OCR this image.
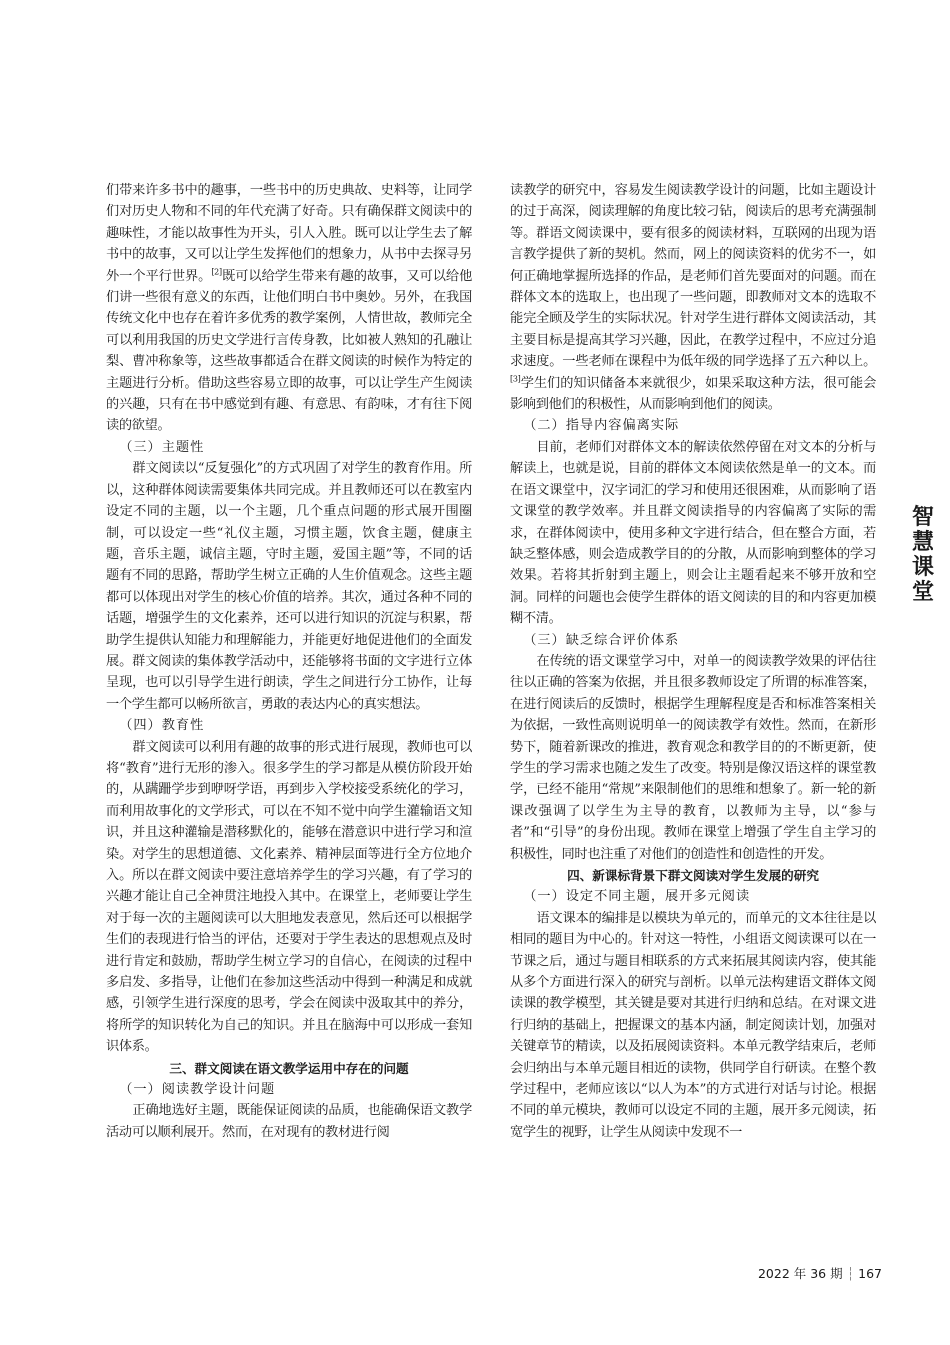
们带来许多书中的趣事，一些书中的历史典故、史料等，让同学们对历史人物和不同的年代充满了好奇。只有确保群文阅读中的趣味性，才能以故事性为开头，引人入胜。既可以让学生去了解书中的故事，又可以让学生发挥他们的想象力，从书中去探寻另外一个平行世界。[2]既可以给学生带来有趣的故事，又可以给他们讲一些很有意义的东西，让他们明白书中奥妙。另外，在我国传统文化中也存在着许多优秀的教学案例，人情世故，教师完全可以利用我国的历史文学进行言传身教，比如被人熟知的孔融让梨、曹冲称象等，这些故事都适合在群文阅读的时候作为特定的主题进行分析。借助这些容易立即的故事，可以让学生产生阅读的兴趣，只有在书中感觉到有趣、有意思、有韵味，才有往下阅读的欲望。

（三）主题性

群文阅读以“反复强化”的方式巩固了对学生的教育作用。所以，这种群体阅读需要集体共同完成。并且教师还可以在教室内设定不同的主题，以一个主题，几个重点问题的形式展开围圈制，可以设定一些“礼仪主题，习惯主题，饮食主题，健康主题，音乐主题，诚信主题，守时主题，爱国主题”等，不同的话题有不同的思路，帮助学生树立正确的人生价值观念。这些主题都可以体现出对学生的核心价值的培养。其次，通过各种不同的话题，增强学生的文化素养，还可以进行知识的沉淀与积累，帮助学生提供认知能力和理解能力，并能更好地促进他们的全面发展。群文阅读的集体教学活动中，还能够将书面的文字进行立体呈现，也可以引导学生进行朗读，学生之间进行分工协作，让每一个学生都可以畅所欲言，勇敢的表达内心的真实想法。

（四）教育性

群文阅读可以利用有趣的故事的形式进行展现，教师也可以将“教育”进行无形的渗入。很多学生的学习都是从模仿阶段开始的，从蹒跚学步到咿呀学语，再到步入学校接受系统化的学习，而利用故事化的文学形式，可以在不知不觉中向学生灌输语文知识，并且这种灌输是潜移默化的，能够在潜意识中进行学习和渲染。对学生的思想道德、文化素养、精神层面等进行全方位地介入。所以在群文阅读中要注意培养学生的学习兴趣，有了学习的兴趣才能让自己全神贯注地投入其中。在课堂上，老师要让学生对于每一次的主题阅读可以大胆地发表意见，然后还可以根据学生们的表现进行恰当的评估，还要对于学生表达的思想观点及时进行肯定和鼓励，帮助学生树立学习的自信心，在阅读的过程中多启发、多指导，让他们在参加这些活动中得到一种满足和成就感，引领学生进行深度的思考，学会在阅读中汲取其中的养分，将所学的知识转化为自己的知识。并且在脑海中可以形成一套知识体系。

三、群文阅读在语文教学运用中存在的问题
（一）阅读教学设计问题

正确地选好主题，既能保证阅读的品质，也能确保语文教学活动可以顺利展开。然而，在对现有的教材进行阅

读教学的研究中，容易发生阅读教学设计的问题，比如主题设计的过于高深，阅读理解的角度比较刁钻，阅读后的思考充满强制等。群语文阅读课中，要有很多的阅读材料，互联网的出现为语言教学提供了新的契机。然而，网上的阅读资料的优劣不一，如何正确地掌握所选择的作品，是老师们首先要面对的问题。而在群体文本的选取上，也出现了一些问题，即教师对文本的选取不能完全顾及学生的实际状况。针对学生进行群体文阅读活动，其主要目标是提高其学习兴趣，因此，在教学过程中，不应过分追求速度。一些老师在课程中为低年级的同学选择了五六种以上。[3]学生们的知识储备本来就很少，如果采取这种方法，很可能会影响到他们的积极性，从而影响到他们的阅读。

（二）指导内容偏离实际

目前，老师们对群体文本的解读依然停留在对文本的分析与解读上，也就是说，目前的群体文本阅读依然是单一的文本。而在语文课堂中，汉字词汇的学习和使用还很困难，从而影响了语文课堂的教学效率。并且群文阅读指导的内容偏离了实际的需求，在群体阅读中，使用多种文字进行结合，但在整合方面，若缺乏整体感，则会造成教学目的的分散，从而影响到整体的学习效果。若将其折射到主题上，则会让主题看起来不够开放和空洞。同样的问题也会使学生群体的语文阅读的目的和内容更加模糊不清。

（三）缺乏综合评价体系

在传统的语文课堂学习中，对单一的阅读教学效果的评估往往以正确的答案为依据，并且很多教师设定了所谓的标准答案，在进行阅读后的反馈时，根据学生理解程度是否和标准答案相关为依据，一致性高则说明单一的阅读教学有效性。然而，在新形势下，随着新课改的推进，教育观念和教学目的的不断更新，使学生的学习需求也随之发生了改变。特别是像汉语这样的课堂教学，已经不能用“常规”来限制他们的思维和想象了。新一轮的新课改强调了以学生为主导的教育，以教师为主导，以“参与者”和“引导”的身份出现。教师在课堂上增强了学生自主学习的积极性，同时也注重了对他们的创造性和创造性的开发。

四、新课标背景下群文阅读对学生发展的研究
（一）设定不同主题，展开多元阅读

语文课本的编排是以模块为单元的，而单元的文本往往是以相同的题目为中心的。针对这一特性，小组语文阅读课可以在一节课之后，通过与题目相联系的方式来拓展其阅读内容，使其能从多个方面进行深入的研究与剖析。以单元法构建语文群体文阅读课的教学模型，其关键是要对其进行归纳和总结。在对课文进行归纳的基础上，把握课文的基本内涵，制定阅读计划，加强对关键章节的精读，以及拓展阅读资料。本单元教学结束后，老师会归纳出与本单元题目相近的读物，供同学自行研读。在整个教学过程中，老师应该以“以人为本”的方式进行对话与讨论。根据不同的单元模块，教师可以设定不同的主题，展开多元阅读，拓宽学生的视野，让学生从阅读中发现不一

智
慧
课
堂
2022 年 36 期 ┆ 167
